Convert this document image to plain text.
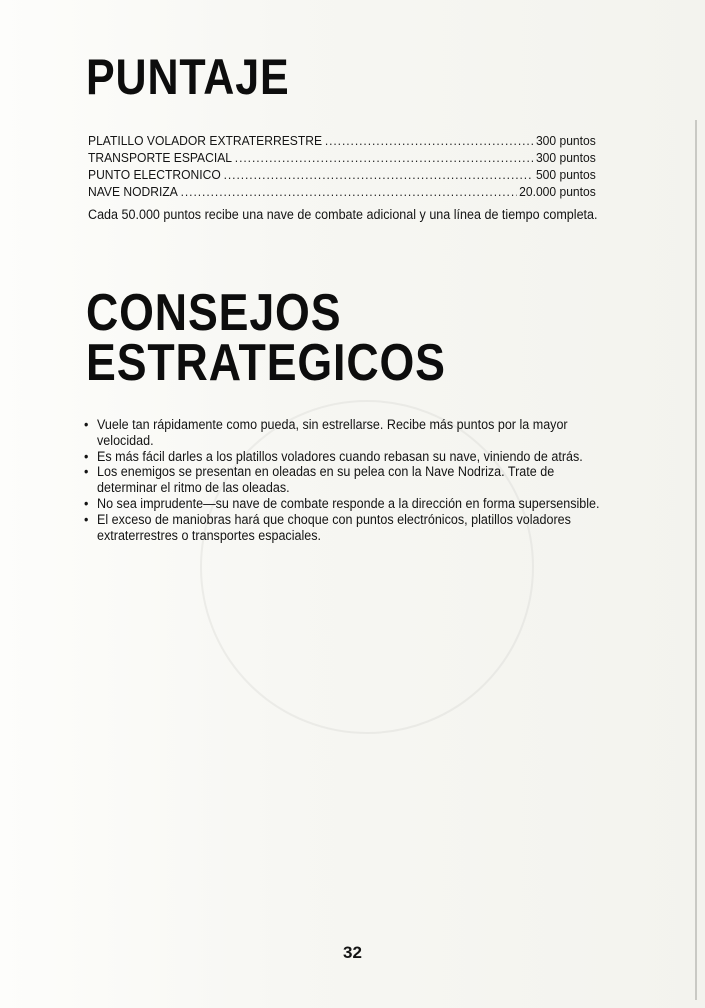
PUNTAJE
PLATILLO VOLADOR EXTRATERRESTRE .....	300 puntos
TRANSPORTE ESPACIAL .....	300 puntos
PUNTO ELECTRONICO .....	500 puntos
NAVE NODRIZA .....	20.000 puntos

Cada 50.000 puntos recibe una nave de combate adicional y una línea de tiempo completa.

CONSEJOS
ESTRATEGICOS
• Vuele tan rápidamente como pueda, sin estrellarse. Recibe más puntos por la mayor velocidad.
• Es más fácil darles a los platillos voladores cuando rebasan su nave, viniendo de atrás.
• Los enemigos se presentan en oleadas en su pelea con la Nave Nodriza. Trate de determinar el ritmo de las oleadas.
• No sea imprudente—su nave de combate responde a la dirección en forma supersensible.
• El exceso de maniobras hará que choque con puntos electrónicos, platillos voladores extraterrestres o transportes espaciales.
32
